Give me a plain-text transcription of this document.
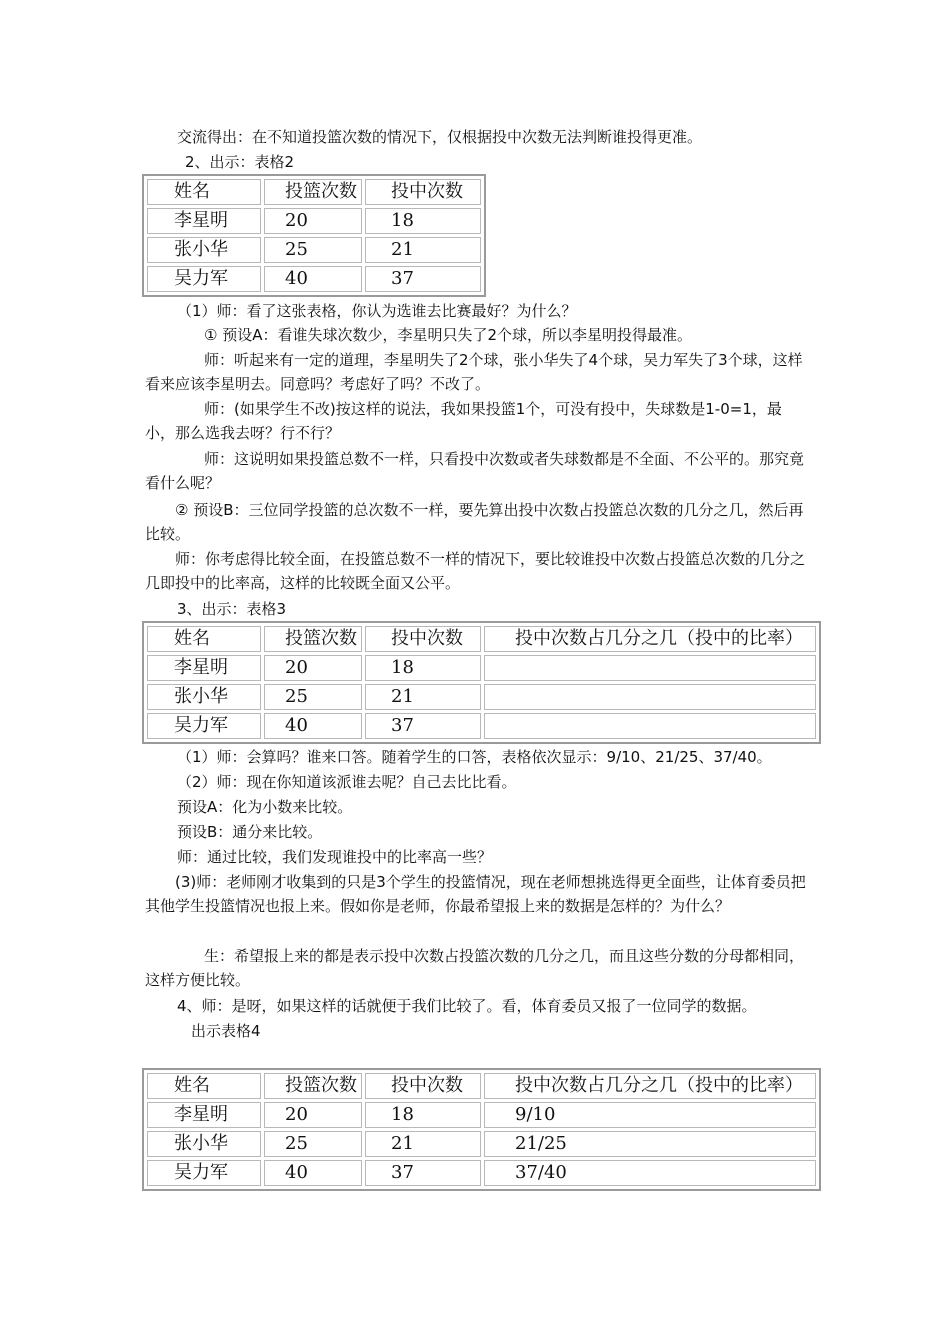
交流得出：在不知道投篮次数的情况下，仅根据投中次数无法判断谁投得更准。

2、出示：表格2

姓名	投篮次数	投中次数
李星明	20	18
张小华	25	21
吴力军	40	37

（1）师：看了这张表格，你认为选谁去比赛最好？为什么？

① 预设A：看谁失球次数少，李星明只失了2个球，所以李星明投得最准。

师：听起来有一定的道理，李星明失了2个球，张小华失了4个球，吴力军失了3个球，这样看来应该李星明去。同意吗？考虑好了吗？不改了。

师：(如果学生不改)按这样的说法，我如果投篮1个，可没有投中，失球数是1-0=1，最小，那么选我去呀？行不行？

师：这说明如果投篮总数不一样，只看投中次数或者失球数都是不全面、不公平的。那究竟看什么呢？

② 预设B：三位同学投篮的总次数不一样，要先算出投中次数占投篮总次数的几分之几，然后再比较。

师：你考虑得比较全面，在投篮总数不一样的情况下，要比较谁投中次数占投篮总次数的几分之几即投中的比率高，这样的比较既全面又公平。

3、出示：表格3

姓名	投篮次数	投中次数	投中次数占几分之几（投中的比率）
李星明	20	18	
张小华	25	21	
吴力军	40	37	

（1）师：会算吗？谁来口答。随着学生的口答，表格依次显示：9/10、21/25、37/40。

（2）师：现在你知道该派谁去呢？自己去比比看。

预设A：化为小数来比较。

预设B：通分来比较。

师：通过比较，我们发现谁投中的比率高一些？

(3)师：老师刚才收集到的只是3个学生的投篮情况，现在老师想挑选得更全面些，让体育委员把其他学生投篮情况也报上来。假如你是老师，你最希望报上来的数据是怎样的？为什么？

生：希望报上来的都是表示投中次数占投篮次数的几分之几，而且这些分数的分母都相同，这样方便比较。

4、师：是呀，如果这样的话就便于我们比较了。看，体育委员又报了一位同学的数据。

出示表格4

姓名	投篮次数	投中次数	投中次数占几分之几（投中的比率）
李星明	20	18	9/10
张小华	25	21	21/25
吴力军	40	37	37/40
